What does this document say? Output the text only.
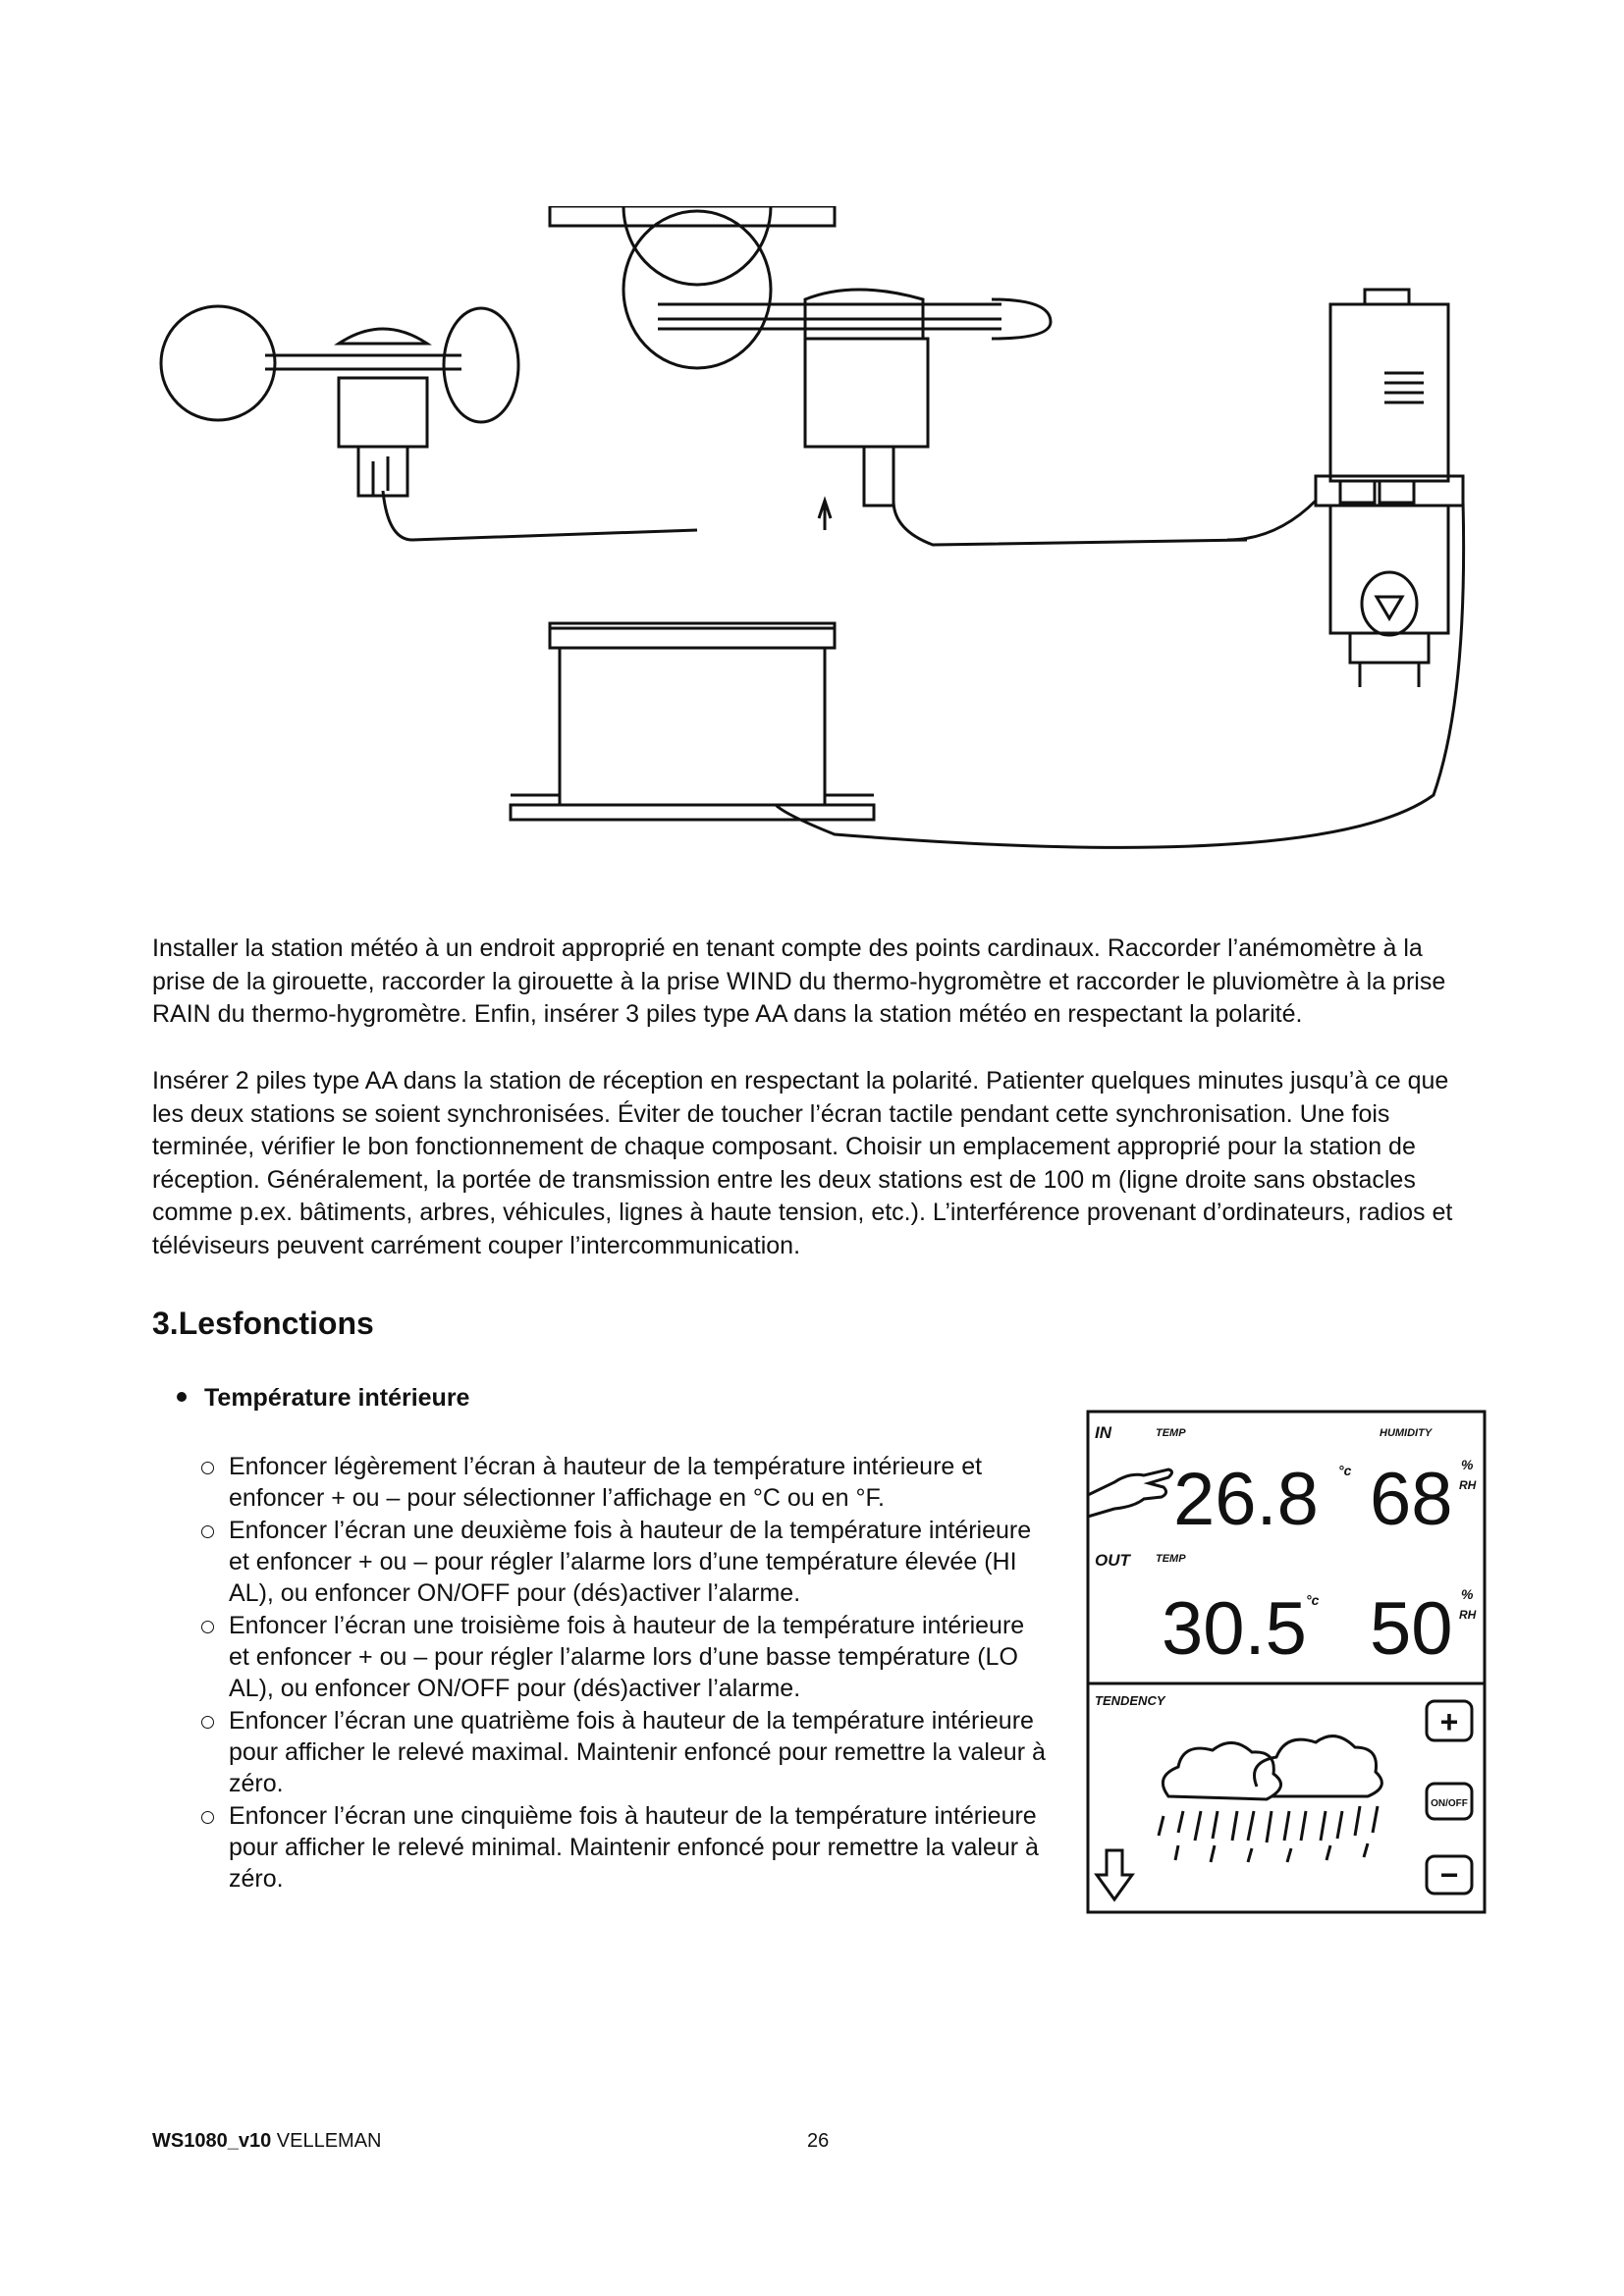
Installer la station météo à un endroit approprié en tenant compte des points cardinaux. Raccorder l’anémomètre à la prise de la girouette, raccorder la girouette à la prise WIND du thermo-hygromètre et raccorder le pluviomètre à la prise RAIN du thermo-hygromètre. Enfin, insérer 3 piles type AA dans la station météo en respectant la polarité.

Insérer 2 piles type AA dans la station de réception en respectant la polarité. Patienter quelques minutes jusqu’à ce que les deux stations se soient synchronisées. Éviter de toucher l’écran tactile pendant cette synchronisation. Une fois terminée, vérifier le bon fonctionnement de chaque composant. Choisir un emplacement approprié pour la station de réception. Généralement, la portée de transmission entre les deux stations est de 100 m (ligne droite sans obstacles comme p.ex. bâtiments, arbres, véhicules, lignes à haute tension, etc.). L’interférence provenant d’ordinateurs, radios et téléviseurs peuvent carrément couper l’intercommunication.

3.Lesfonctions

Température intérieure

Enfoncer légèrement l’écran à hauteur de la température intérieure et enfoncer + ou – pour sélectionner l’affichage en °C ou en °F.
Enfoncer l’écran une deuxième fois à hauteur de la température intérieure et enfoncer + ou – pour régler l’alarme lors d’une température élevée (HI AL), ou enfoncer ON/OFF pour (dés)activer l’alarme.
Enfoncer l’écran une troisième fois à hauteur de la température intérieure et enfoncer + ou – pour régler l’alarme lors d’une basse température (LO AL), ou enfoncer ON/OFF pour (dés)activer l’alarme.
Enfoncer l’écran une quatrième fois à hauteur de la température intérieure pour afficher le relevé maximal. Maintenir enfoncé pour remettre la valeur à zéro.
Enfoncer l’écran une cinquième fois à hauteur de la température intérieure pour afficher le relevé minimal. Maintenir enfoncé pour remettre la valeur à zéro.
IN	TEMP	HUMIDITY
26.8 °c 68 %
RH
OUT TEMP
30.5 °c 50 %
RH
TENDENCY
+
ON/OFF
−
WS1080_v10 VELLEMAN	26
